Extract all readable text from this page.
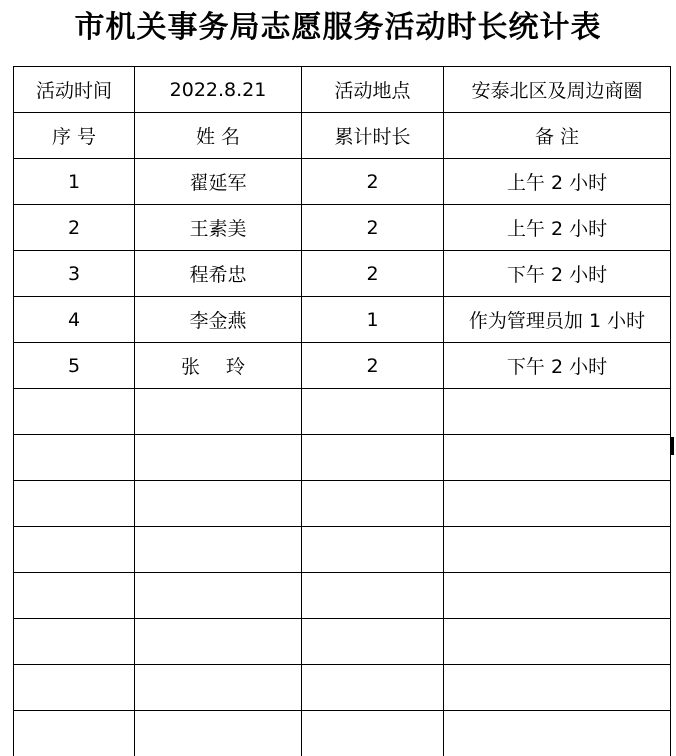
市机关事务局志愿服务活动时长统计表
活动时间	2022.8.21	活动地点	安泰北区及周边商圈
序 号	姓 名	累计时长	备 注
1	翟延军	2	上午 2 小时
2	王素美	2	上午 2 小时
3	程希忠	2	下午 2 小时
4	李金燕	1	作为管理员加 1 小时
5	张 玲	2	下午 2 小时
